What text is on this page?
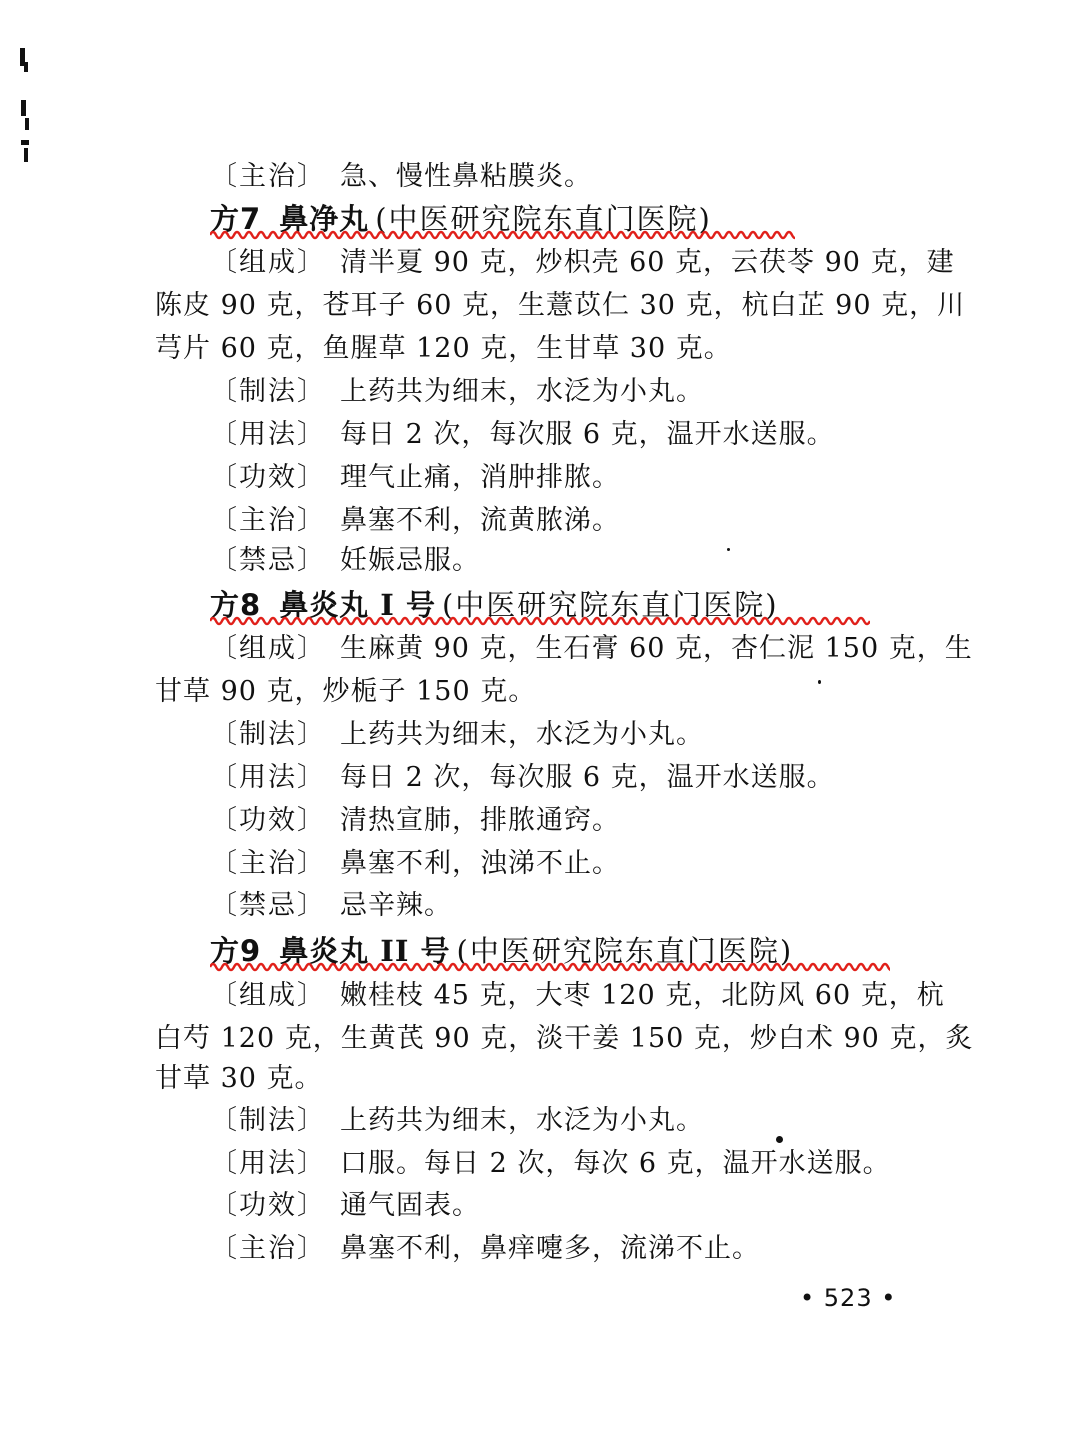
〔主治〕 急、慢性鼻粘膜炎。
方7 鼻净丸 (中医研究院东直门医院)
〔组成〕 清半夏 90 克，炒枳壳 60 克，云茯苓 90 克，建
陈皮 90 克，苍耳子 60 克，生薏苡仁 30 克，杭白芷 90 克，川
芎片 60 克，鱼腥草 120 克，生甘草 30 克。
〔制法〕 上药共为细末，水泛为小丸。
〔用法〕 每日 2 次，每次服 6 克，温开水送服。
〔功效〕 理气止痛，消肿排脓。
〔主治〕 鼻塞不利，流黄脓涕。
〔禁忌〕 妊娠忌服。
方8 鼻炎丸 I 号 (中医研究院东直门医院)
〔组成〕 生麻黄 90 克，生石膏 60 克，杏仁泥 150 克，生
甘草 90 克，炒栀子 150 克。
〔制法〕 上药共为细末，水泛为小丸。
〔用法〕 每日 2 次，每次服 6 克，温开水送服。
〔功效〕 清热宣肺，排脓通窍。
〔主治〕 鼻塞不利，浊涕不止。
〔禁忌〕 忌辛辣。
方9 鼻炎丸 II 号 (中医研究院东直门医院)
〔组成〕 嫩桂枝 45 克，大枣 120 克，北防风 60 克，杭
白芍 120 克，生黄芪 90 克，淡干姜 150 克，炒白术 90 克，炙
甘草 30 克。
〔制法〕 上药共为细末，水泛为小丸。
〔用法〕 口服。每日 2 次，每次 6 克，温开水送服。
〔功效〕 通气固表。
〔主治〕 鼻塞不利，鼻痒嚏多，流涕不止。
• 523 •
